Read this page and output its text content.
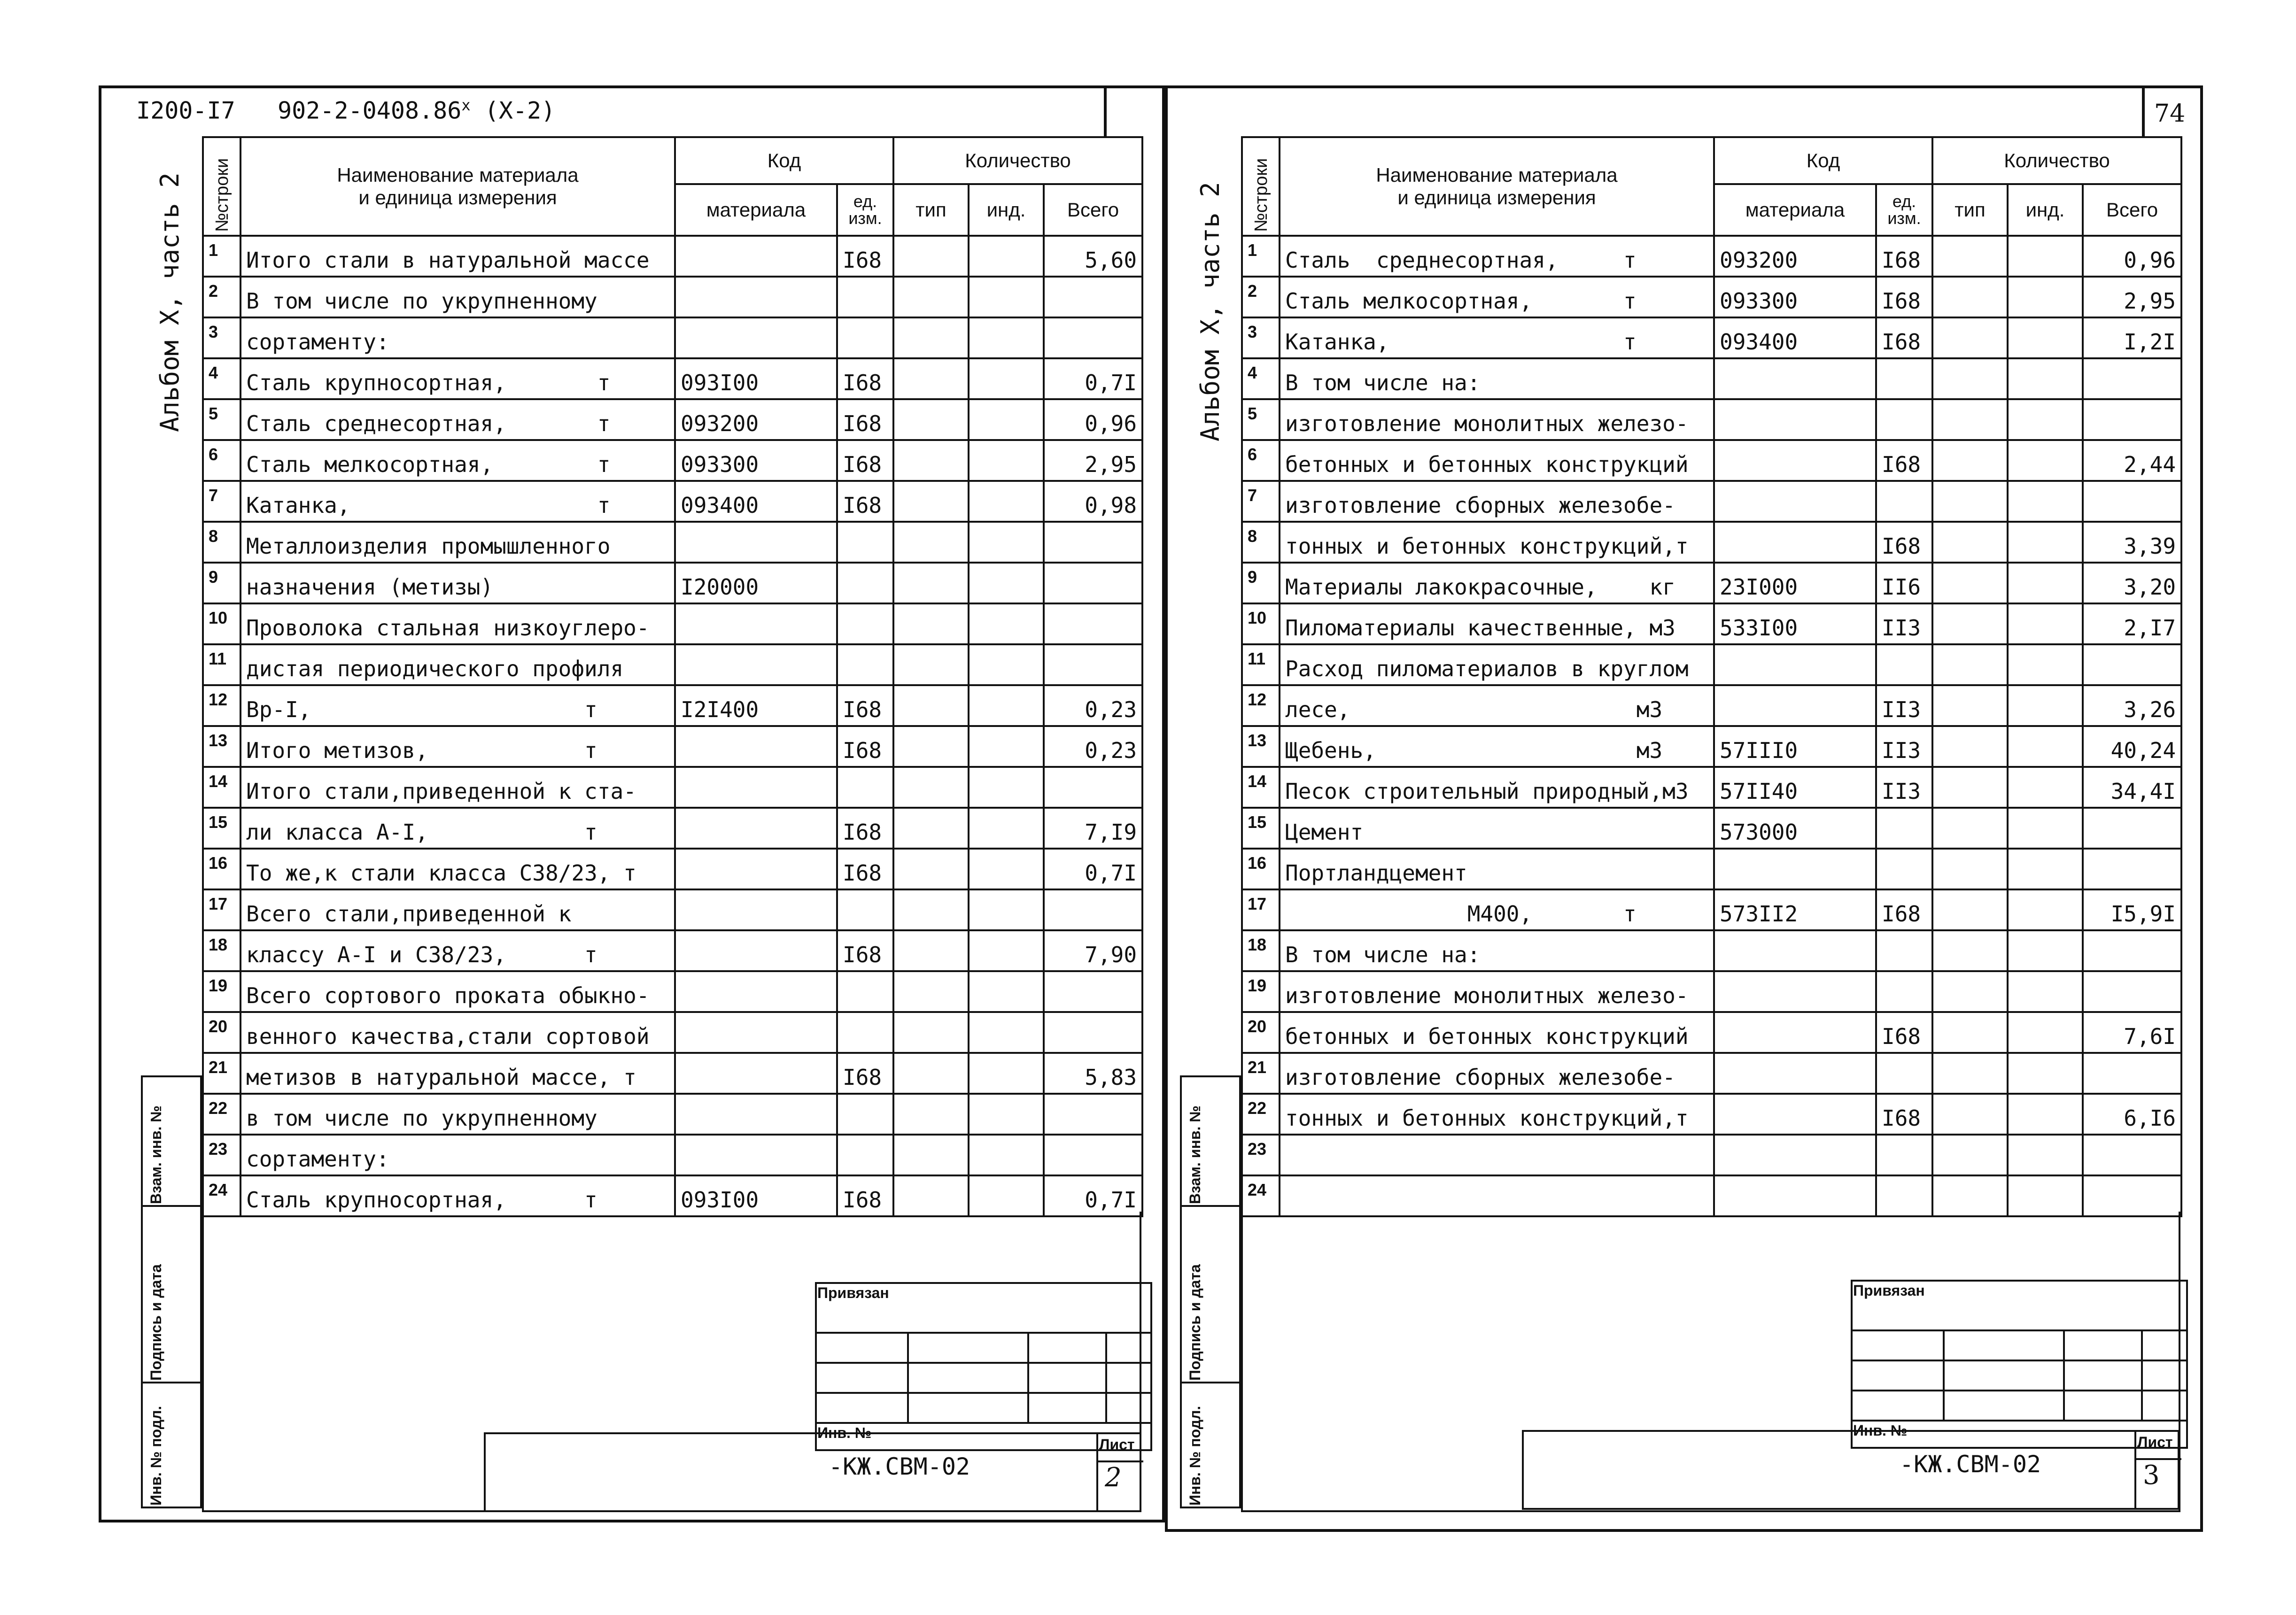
I200-I7 902-2-0408.86$^x$ (X-2)
Альбом X, часть 2
Взам. инв. №
Подпись и дата
Инв. № подл.
№строки	Наименование материала
и единица измерения	Код		Количество		
		материала	ед. изм.	тип	инд.	Всего
1	Итого стали в натуральной массе		I68			5,60
2	В том числе по укрупненному					
3	сортаменту:					
4	Сталь крупносортная,       т	093I00	I68			0,7I
5	Сталь среднесортная,       т	093200	I68			0,96
6	Сталь мелкосортная,        т	093300	I68			2,95
7	Катанка,                   т	093400	I68			0,98
8	Металлоизделия промышленного					
9	назначения (метизы)	I20000				
10	Проволока стальная низкоуглеро-					
11	дистая периодического профиля					
12	Вр-I,                     т	I2I400	I68			0,23
13	Итого метизов,            т		I68			0,23
14	Итого стали,приведенной к ста-					
15	ли класса А-I,            т		I68			7,I9
16	То же,к стали класса С38/23, т		I68			0,7I
17	Всего стали,приведенной к					
18	классу А-I и С38/23,      т		I68			7,90
19	Всего сортового проката обыкно-					
20	венного качества,стали сортовой					
21	метизов в натуральной массе, т		I68			5,83
22	в том числе по укрупненному					
23	сортаменту:					
24	Сталь крупносортная,      т	093I00	I68			0,7I
Привязан			

Инв. №			
-КЖ.СВМ-02
Лист
2
74
Альбом X, часть 2
Взам. инв. №
Подпись и дата
Инв. № подл.
№строки	Наименование материала
и единица измерения	Код		Количество		
		материала	ед. изм.	тип	инд.	Всего
1	Сталь  среднесортная,     т	093200	I68			0,96
2	Сталь мелкосортная,       т	093300	I68			2,95
3	Катанка,                  т	093400	I68			I,2I
4	В том числе на:					
5	изготовление монолитных железо-					
6	бетонных и бетонных конструкций		I68			2,44
7	изготовление сборных железобе-					
8	тонных и бетонных конструкций,т		I68			3,39
9	Материалы лакокрасочные,    кг	23I000	II6			3,20
10	Пиломатериалы качественные, м3	533I00	II3			2,I7
11	Расход пиломатериалов в круглом					
12	лесе,                      м3		II3			3,26
13	Щебень,                    м3	57III0	II3			40,24
14	Песок строительный природный,м3	57II40	II3			34,4I
15	Цемент	573000				
16	Портландцемент					
17	М400,       т	573II2	I68			I5,9I
18	В том числе на:					
19	изготовление монолитных железо-					
20	бетонных и бетонных конструкций		I68			7,6I
21	изготовление сборных железобе-					
22	тонных и бетонных конструкций,т		I68			6,I6
23						
24						
Привязан			

Инв. №			
-КЖ.СВМ-02
Лист
3
